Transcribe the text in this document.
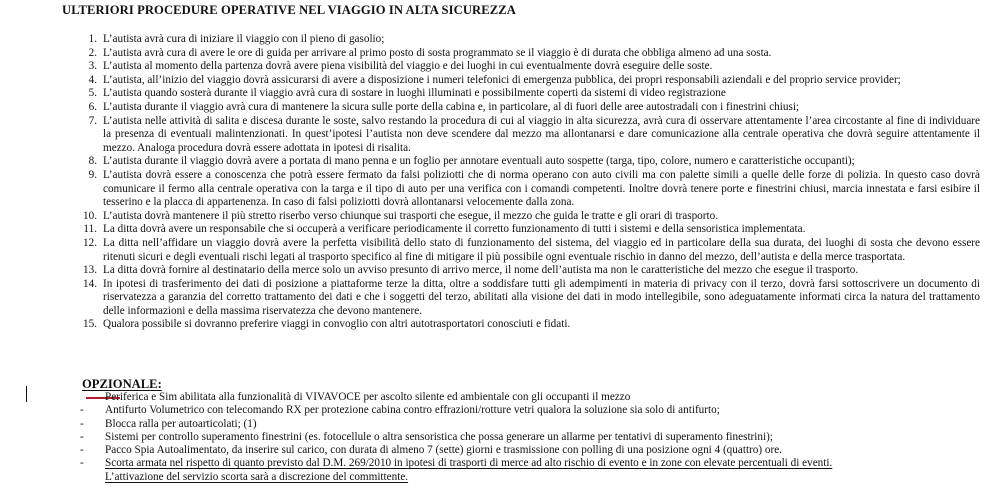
ULTERIORI PROCEDURE OPERATIVE NEL VIAGGIO IN ALTA SICUREZZA
1. L’autista avrà cura di iniziare il viaggio con il pieno di gasolio;
2. L’autista avrà cura di avere le ore di guida per arrivare al primo posto di sosta programmato se il viaggio è di durata che obbliga almeno ad una sosta.
3. L’autista al momento della partenza dovrà avere piena visibilità del viaggio e dei luoghi in cui eventualmente dovrà eseguire delle soste.
4. L’autista, all’inizio del viaggio dovrà assicurarsi di avere a disposizione i numeri telefonici di emergenza pubblica, dei propri responsabili aziendali e del proprio service provider;
5. L’autista quando sosterà durante il viaggio avrà cura di sostare in luoghi illuminati e possibilmente coperti da sistemi di video registrazione
6. L’autista durante il viaggio avrà cura di mantenere la sicura sulle porte della cabina e, in particolare, al di fuori delle aree autostradali con i finestrini chiusi;
7. L’autista nelle attività di salita e discesa durante le soste, salvo restando la procedura di cui al viaggio in alta sicurezza, avrà cura di osservare attentamente l’area circostante al fine di individuare la presenza di eventuali malintenzionati. In quest’ipotesi l’autista non deve scendere dal mezzo ma allontanarsi e dare comunicazione alla centrale operativa che dovrà seguire attentamente il mezzo. Analoga procedura dovrà essere adottata in ipotesi di risalita.
8. L’autista durante il viaggio dovrà avere a portata di mano penna e un foglio per annotare eventuali auto sospette (targa, tipo, colore, numero e caratteristiche occupanti);
9. L’autista dovrà essere a conoscenza che potrà essere fermato da falsi poliziotti che di norma operano con auto civili ma con palette simili a quelle delle forze di polizia. In questo caso dovrà comunicare il fermo alla centrale operativa con la targa e il tipo di auto per una verifica con i comandi competenti. Inoltre dovrà tenere porte e finestrini chiusi, marcia innestata e farsi esibire il tesserino e la placca di appartenenza. In caso di falsi poliziotti dovrà allontanarsi velocemente dalla zona.
10. L’autista dovrà mantenere il più stretto riserbo verso chiunque sui trasporti che esegue, il mezzo che guida le tratte e gli orari di trasporto.
11. La ditta dovrà avere un responsabile che si occuperà a verificare periodicamente il corretto funzionamento di tutti i sistemi e della sensoristica implementata.
12. La ditta nell’affidare un viaggio dovrà avere la perfetta visibilità dello stato di funzionamento del sistema, del viaggio ed in particolare della sua durata, dei luoghi di sosta che devono essere ritenuti sicuri e degli eventuali rischi legati al trasporto specifico al fine di mitigare il più possibile ogni eventuale rischio in danno del mezzo, dell’autista e della merce trasportata.
13. La ditta dovrà fornire al destinatario della merce solo un avviso presunto di arrivo merce, il nome dell’autista ma non le caratteristiche del mezzo che esegue il trasporto.
14. In ipotesi di trasferimento dei dati di posizione a piattaforme terze la ditta, oltre a soddisfare tutti gli adempimenti in materia di privacy con il terzo, dovrà farsi sottoscrivere un documento di riservatezza a garanzia del corretto trattamento dei dati e che i soggetti del terzo, abilitati alla visione dei dati in modo intellegibile, sono adeguatamente informati circa la natura del trattamento delle informazioni e della massima riservatezza che devono mantenere.
15. Qualora possibile si dovranno preferire viaggi in convoglio con altri autotrasportatori conosciuti e fidati.
OPZIONALE:
Periferica e Sim abilitata alla funzionalità di VIVAVOCE per ascolto silente ed ambientale con gli occupanti il mezzo
- Antifurto Volumetrico con telecomando RX per protezione cabina contro effrazioni/rotture vetri qualora la soluzione sia solo di antifurto;
- Blocca ralla per autoarticolati; (1)
- Sistemi per controllo superamento finestrini (es. fotocellule o altra sensoristica che possa generare un allarme per tentativi di superamento finestrini);
- Pacco Spia Autoalimentato, da inserire sul carico, con durata di almeno 7 (sette) giorni e trasmissione con polling di una posizione ogni 4 (quattro) ore.
- Scorta armata nel rispetto di quanto previsto dal D.M. 269/2010 in ipotesi di trasporti di merce ad alto rischio di evento e in zone con elevate percentuali di eventi.
L’attivazione del servizio scorta sarà a discrezione del committente.
